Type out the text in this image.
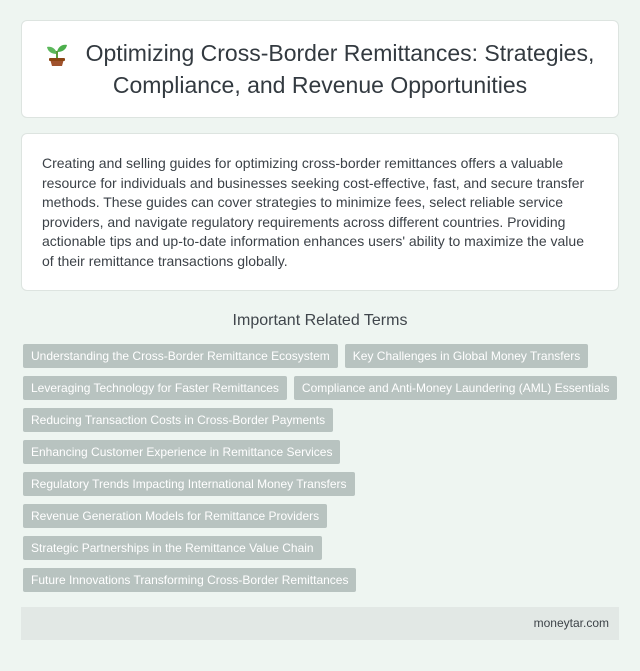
Optimizing Cross-Border Remittances: Strategies, Compliance, and Revenue Opportunities

Creating and selling guides for optimizing cross-border remittances offers a valuable resource for individuals and businesses seeking cost-effective, fast, and secure transfer methods. These guides can cover strategies to minimize fees, select reliable service providers, and navigate regulatory requirements across different countries. Providing actionable tips and up-to-date information enhances users' ability to maximize the value of their remittance transactions globally.

Important Related Terms
Understanding the Cross-Border Remittance Ecosystem	Key Challenges in Global Money Transfers
Leveraging Technology for Faster Remittances	Compliance and Anti-Money Laundering (AML) Essentials
Reducing Transaction Costs in Cross-Border Payments
Enhancing Customer Experience in Remittance Services
Regulatory Trends Impacting International Money Transfers
Revenue Generation Models for Remittance Providers
Strategic Partnerships in the Remittance Value Chain
Future Innovations Transforming Cross-Border Remittances
moneytar.com
